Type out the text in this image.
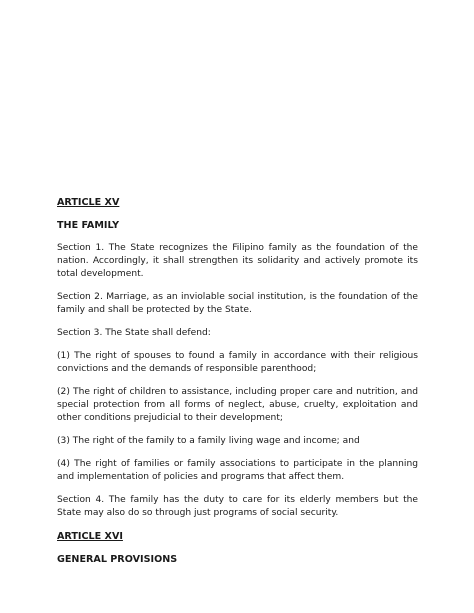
ARTICLE XV
THE FAMILY
Section 1. The State recognizes the Filipino family as the foundation of the nation. Accordingly, it shall strengthen its solidarity and actively promote its total development.
Section 2. Marriage, as an inviolable social institution, is the foundation of the family and shall be protected by the State.
Section 3. The State shall defend:
(1) The right of spouses to found a family in accordance with their religious convictions and the demands of responsible parenthood;
(2) The right of children to assistance, including proper care and nutrition, and special protection from all forms of neglect, abuse, cruelty, exploitation and other conditions prejudicial to their development;
(3) The right of the family to a family living wage and income; and
(4) The right of families or family associations to participate in the planning and implementation of policies and programs that affect them.
Section 4. The family has the duty to care for its elderly members but the State may also do so through just programs of social security.
ARTICLE XVI
GENERAL PROVISIONS
